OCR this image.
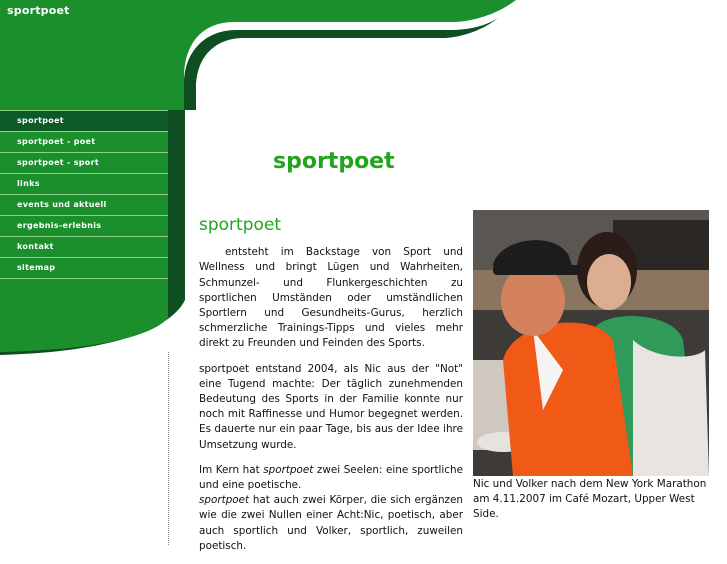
sportpoet

sportpoet
sportpoet - poet
sportpoet - sport
links
events und aktuell
ergebnis-erlebnis
kontakt
sitemap
sportpoet
sportpoet

entsteht im Backstage von Sport und Wellness und bringt Lügen und Wahrheiten, Schmunzel- und Flunkergeschichten zu sportlichen Umständen oder umständlichen Sportlern und Gesundheits-Gurus, herzlich schmerzliche Trainings-Tipps und vieles mehr direkt zu Freunden und Feinden des Sports.

sportpoet entstand 2004, als Nic aus der "Not" eine Tugend machte: Der täglich zunehmenden Bedeutung des Sports in der Familie konnte nur noch mit Raffinesse und Humor begegnet werden. Es dauerte nur ein paar Tage, bis aus der Idee ihre Umsetzung wurde.

Im Kern hat sportpoet zwei Seelen: eine sportliche und eine poetische.

sportpoet hat auch zwei Körper, die sich ergänzen wie die zwei Nullen einer Acht:Nic, poetisch, aber auch sportlich und Volker, sportlich, zuweilen poetisch.

Nic und Volker nach dem New York Marathon am 4.11.2007 im Café Mozart, Upper West Side.
